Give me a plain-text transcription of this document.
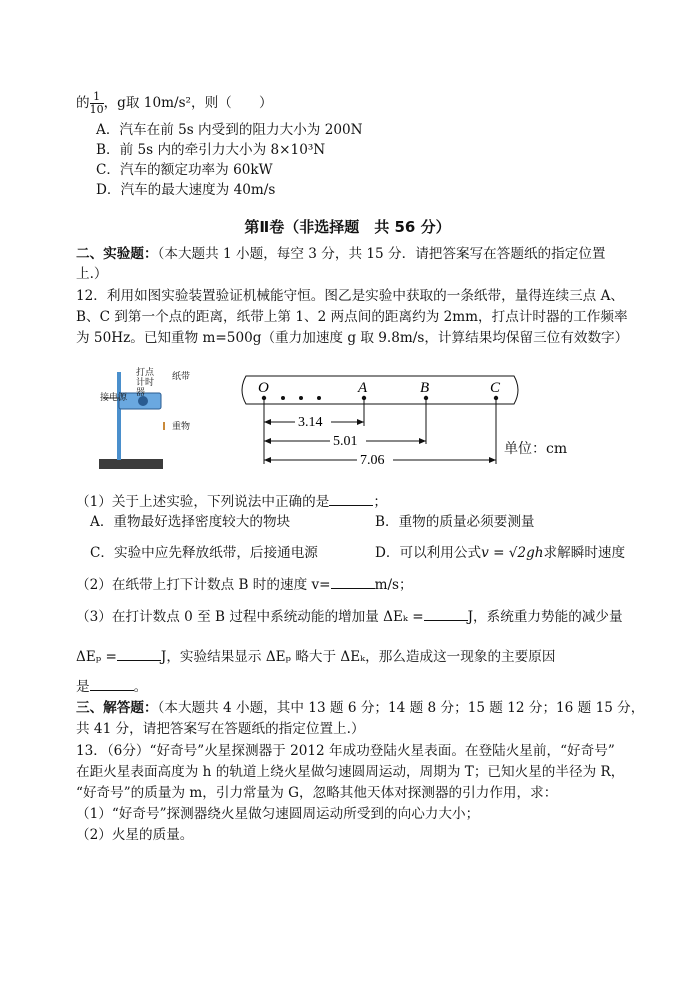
的 $\frac{1}{10}$ ，g取 10m/s²，则（　　）
A．汽车在前 5s 内受到的阻力大小为 200N
B．前 5s 内的牵引力大小为 8×10³N
C．汽车的额定功率为 60kW
D．汽车的最大速度为 40m/s
第Ⅱ卷（非选择题　共 56 分）
二、实验题：（本大题共 1 小题，每空 3 分，共 15 分．请把答案写在答题纸的指定位置
上.）
12．利用如图实验装置验证机械能守恒。图乙是实验中获取的一条纸带，量得连续三点 A、
B、C 到第一个点的距离，纸带上第 1、2 两点间的距离约为 2mm，打点计时器的工作频率
为 50Hz。已知重物 m=500g（重力加速度 g 取 9.8m/s，计算结果均保留三位有效数字）
打点计时器
纸带
接电源
重物
O	A	B	C
3.14
5.01
7.06
单位：cm
（1）关于上述实验，下列说法中正确的是	；
A．重物最好选择密度较大的物块	B．重物的质量必须要测量
C．实验中应先释放纸带，后接通电源	D．可以利用公式v = √2gh求解瞬时速度
（2）在纸带上打下计数点 B 时的速度 v=	m/s；
（3）在打计数点 0 至 B 过程中系统动能的增加量 ΔEₖ =	J，系统重力势能的减少量
ΔEₚ =	J，实验结果显示 ΔEₚ 略大于 ΔEₖ，那么造成这一现象的主要原因
是	。
三、解答题：（本大题共 4 小题，其中 13 题 6 分；14 题 8 分；15 题 12 分；16 题 15 分，
共 41 分，请把答案写在答题纸的指定位置上.）
13．（6分）“好奇号”火星探测器于 2012 年成功登陆火星表面。在登陆火星前，“好奇号”
在距火星表面高度为 h 的轨道上绕火星做匀速圆周运动，周期为 T；已知火星的半径为 R，
“好奇号”的质量为 m，引力常量为 G，忽略其他天体对探测器的引力作用，求：
（1）“好奇号”探测器绕火星做匀速圆周运动所受到的向心力大小；
（2）火星的质量。
